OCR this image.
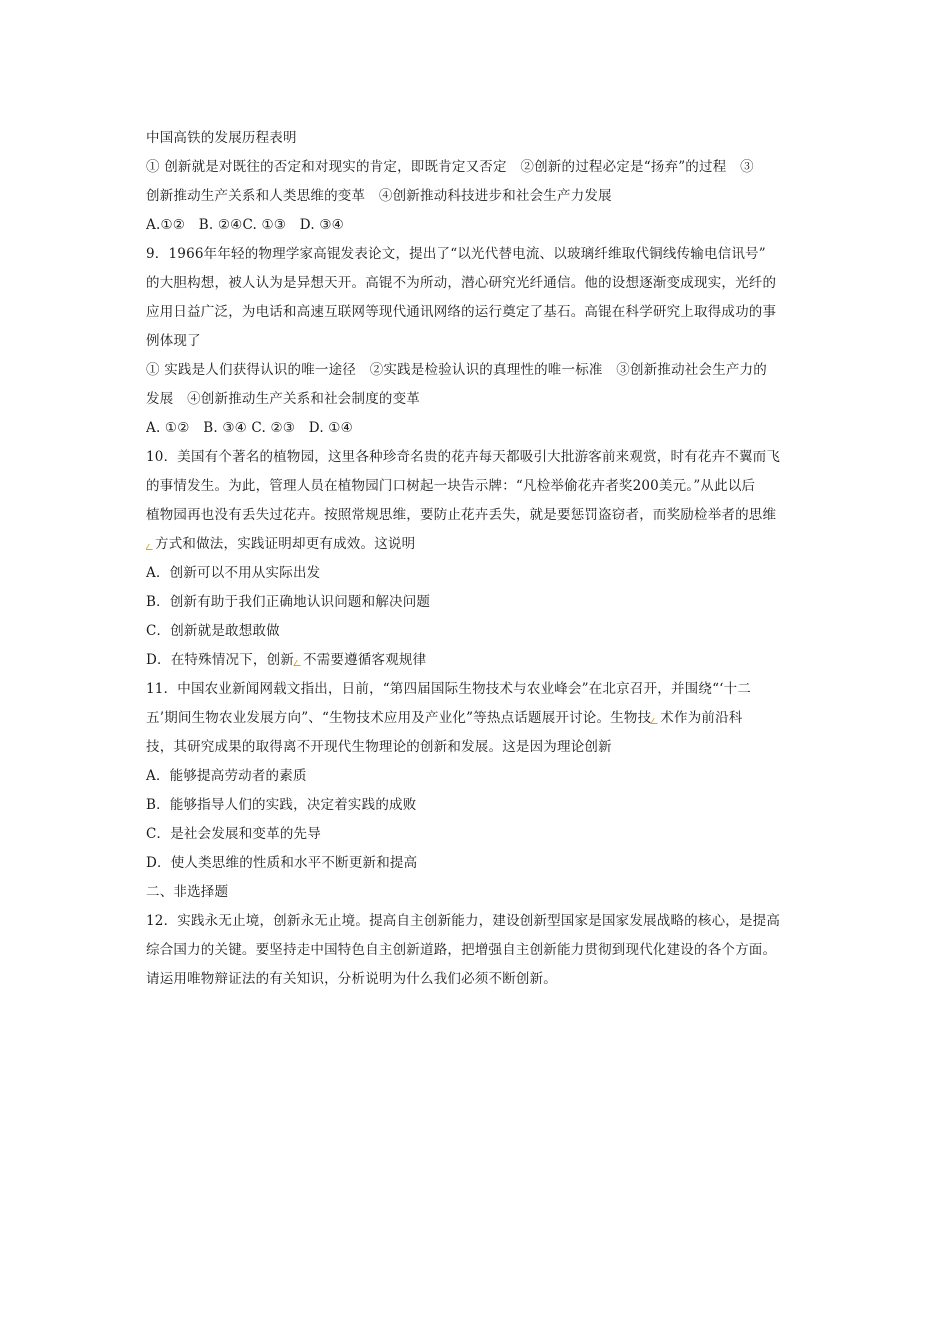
中国高铁的发展历程表明
① 创新就是对既往的否定和对现实的肯定，即既肯定又否定　②创新的过程必定是“扬弃”的过程　③
创新推动生产关系和人类思维的变革　④创新推动科技进步和社会生产力发展
A.①②　B. ②④C. ①③　D. ③④
9．1966年年轻的物理学家高锟发表论文，提出了“以光代替电流、以玻璃纤维取代铜线传输电信讯号”
的大胆构想，被人认为是异想天开。高锟不为所动，潜心研究光纤通信。他的设想逐渐变成现实，光纤的
应用日益广泛，为电话和高速互联网等现代通讯网络的运行奠定了基石。高锟在科学研究上取得成功的事
例体现了
① 实践是人们获得认识的唯一途径　②实践是检验认识的真理性的唯一标准　③创新推动社会生产力的
发展　④创新推动生产关系和社会制度的变革
A. ①②　B. ③④ C. ②③　D. ①④
10．美国有个著名的植物园，这里各种珍奇名贵的花卉每天都吸引大批游客前来观赏，时有花卉不翼而飞
的事情发生。为此，管理人员在植物园门口树起一块告示牌：“凡检举偷花卉者奖200美元。”从此以后
植物园再也没有丢失过花卉。按照常规思维，要防止花卉丢失，就是要惩罚盗窃者，而奖励检举者的思维
方式和做法，实践证明却更有成效。这说明
A．创新可以不用从实际出发
B．创新有助于我们正确地认识问题和解决问题
C．创新就是敢想敢做
D．在特殊情况下，创新 不需要遵循客观规律
11．中国农业新闻网载文指出，日前，“第四届国际生物技术与农业峰会”在北京召开，并围绕“‘十二
五’期间生物农业发展方向”、“生物技术应用及产业化”等热点话题展开讨论。生物技 术作为前沿科
技，其研究成果的取得离不开现代生物理论的创新和发展。这是因为理论创新
A．能够提高劳动者的素质
B．能够指导人们的实践，决定着实践的成败
C．是社会发展和变革的先导
D．使人类思维的性质和水平不断更新和提高
二、非选择题
12．实践永无止境，创新永无止境。提高自主创新能力，建设创新型国家是国家发展战略的核心，是提高
综合国力的关键。要坚持走中国特色自主创新道路，把增强自主创新能力贯彻到现代化建设的各个方面。
请运用唯物辩证法的有关知识，分析说明为什么我们必须不断创新。
